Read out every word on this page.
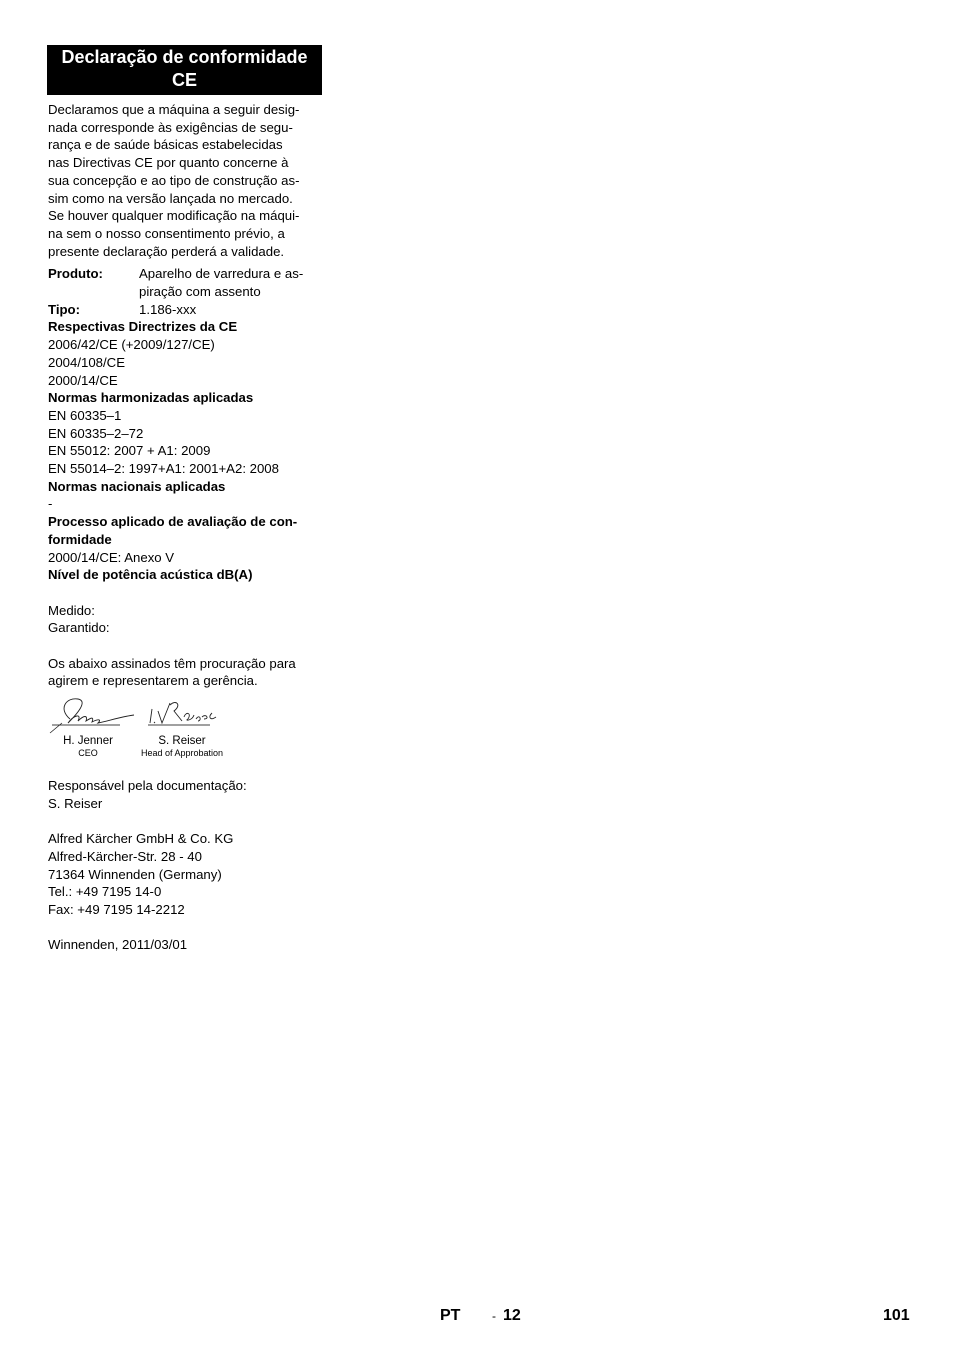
Declaração de conformidade
CE

Declaramos que a máquina a seguir desig-

nada corresponde às exigências de segu-

rança e de saúde básicas estabelecidas

nas Directivas CE por quanto concerne à

sua concepção e ao tipo de construção as-

sim como na versão lançada no mercado.

Se houver qualquer modificação na máqui-

na sem o nosso consentimento prévio, a

presente declaração perderá a validade.

Produto:	Aparelho de varredura e as-
piração com assento
Tipo:	1.186-xxx
Respectivas Directrizes da CE
2006/42/CE (+2009/127/CE)
2004/108/CE
2000/14/CE
Normas harmonizadas aplicadas
EN 60335–1
EN 60335–2–72
EN 55012: 2007 + A1: 2009
EN 55014–2: 1997+A1: 2001+A2: 2008
Normas nacionais aplicadas
-
Processo aplicado de avaliação de con-
formidade
2000/14/CE: Anexo V
Nível de potência acústica dB(A)
Medido:
Garantido:
Os abaixo assinados têm procuração para
agirem e representarem a gerência.
H. Jenner
CEO
S. Reiser
Head of Approbation
Responsável pela documentação:
S. Reiser
Alfred Kärcher GmbH & Co. KG
Alfred-Kärcher-Str. 28 - 40
71364 Winnenden (Germany)
Tel.: +49 7195 14-0
Fax: +49 7195 14-2212
Winnenden, 2011/03/01
PT	- 12	101
